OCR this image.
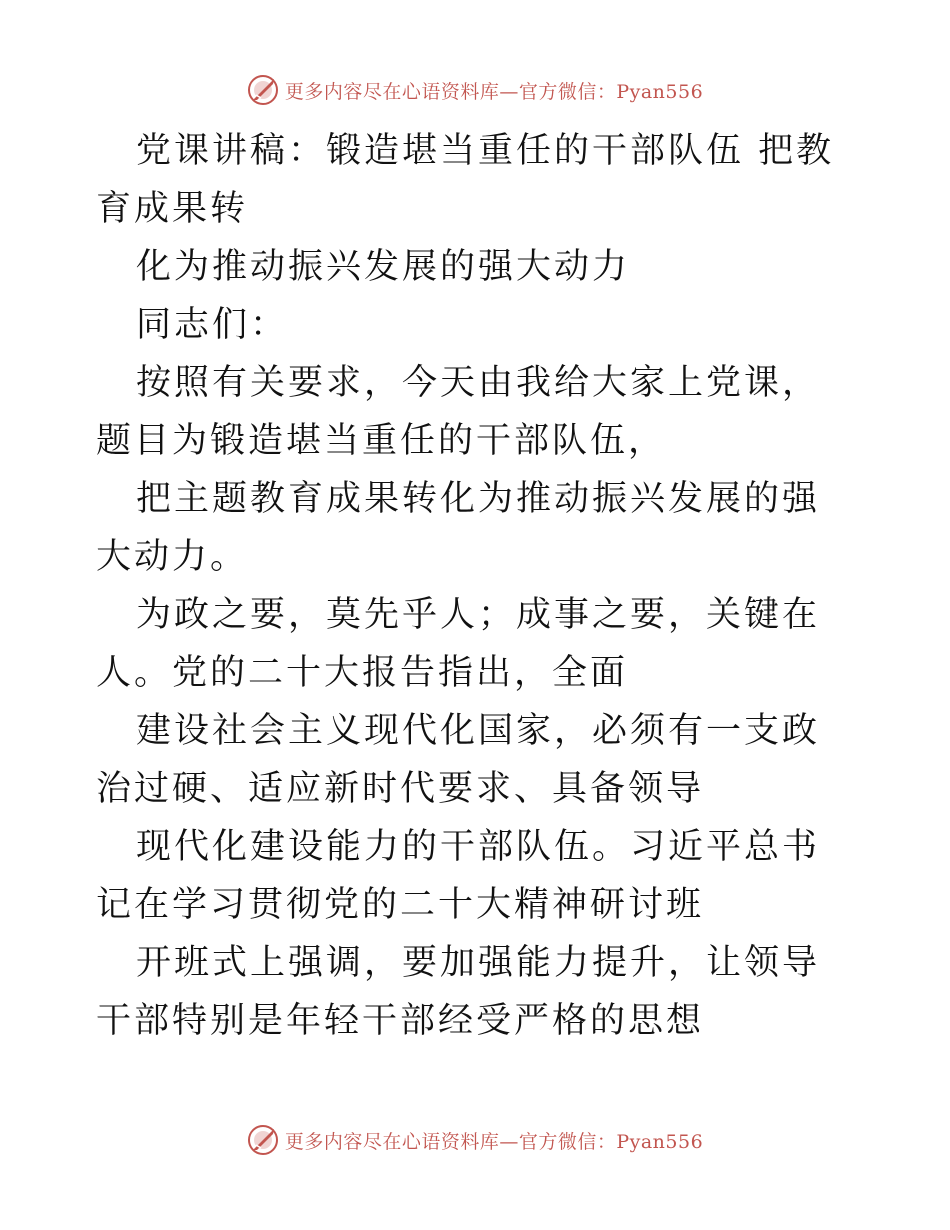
更多内容尽在心语资料库—官方微信：Pyan556

党课讲稿：锻造堪当重任的干部队伍 把教育成果转

化为推动振兴发展的强大动力

同志们：

按照有关要求，今天由我给大家上党课，题目为锻造堪当重任的干部队伍，

把主题教育成果转化为推动振兴发展的强大动力。

为政之要，莫先乎人；成事之要，关键在人。党的二十大报告指出，全面

建设社会主义现代化国家，必须有一支政治过硬、适应新时代要求、具备领导

现代化建设能力的干部队伍。习近平总书记在学习贯彻党的二十大精神研讨班

开班式上强调，要加强能力提升，让领导干部特别是年轻干部经受严格的思想

更多内容尽在心语资料库—官方微信：Pyan556
